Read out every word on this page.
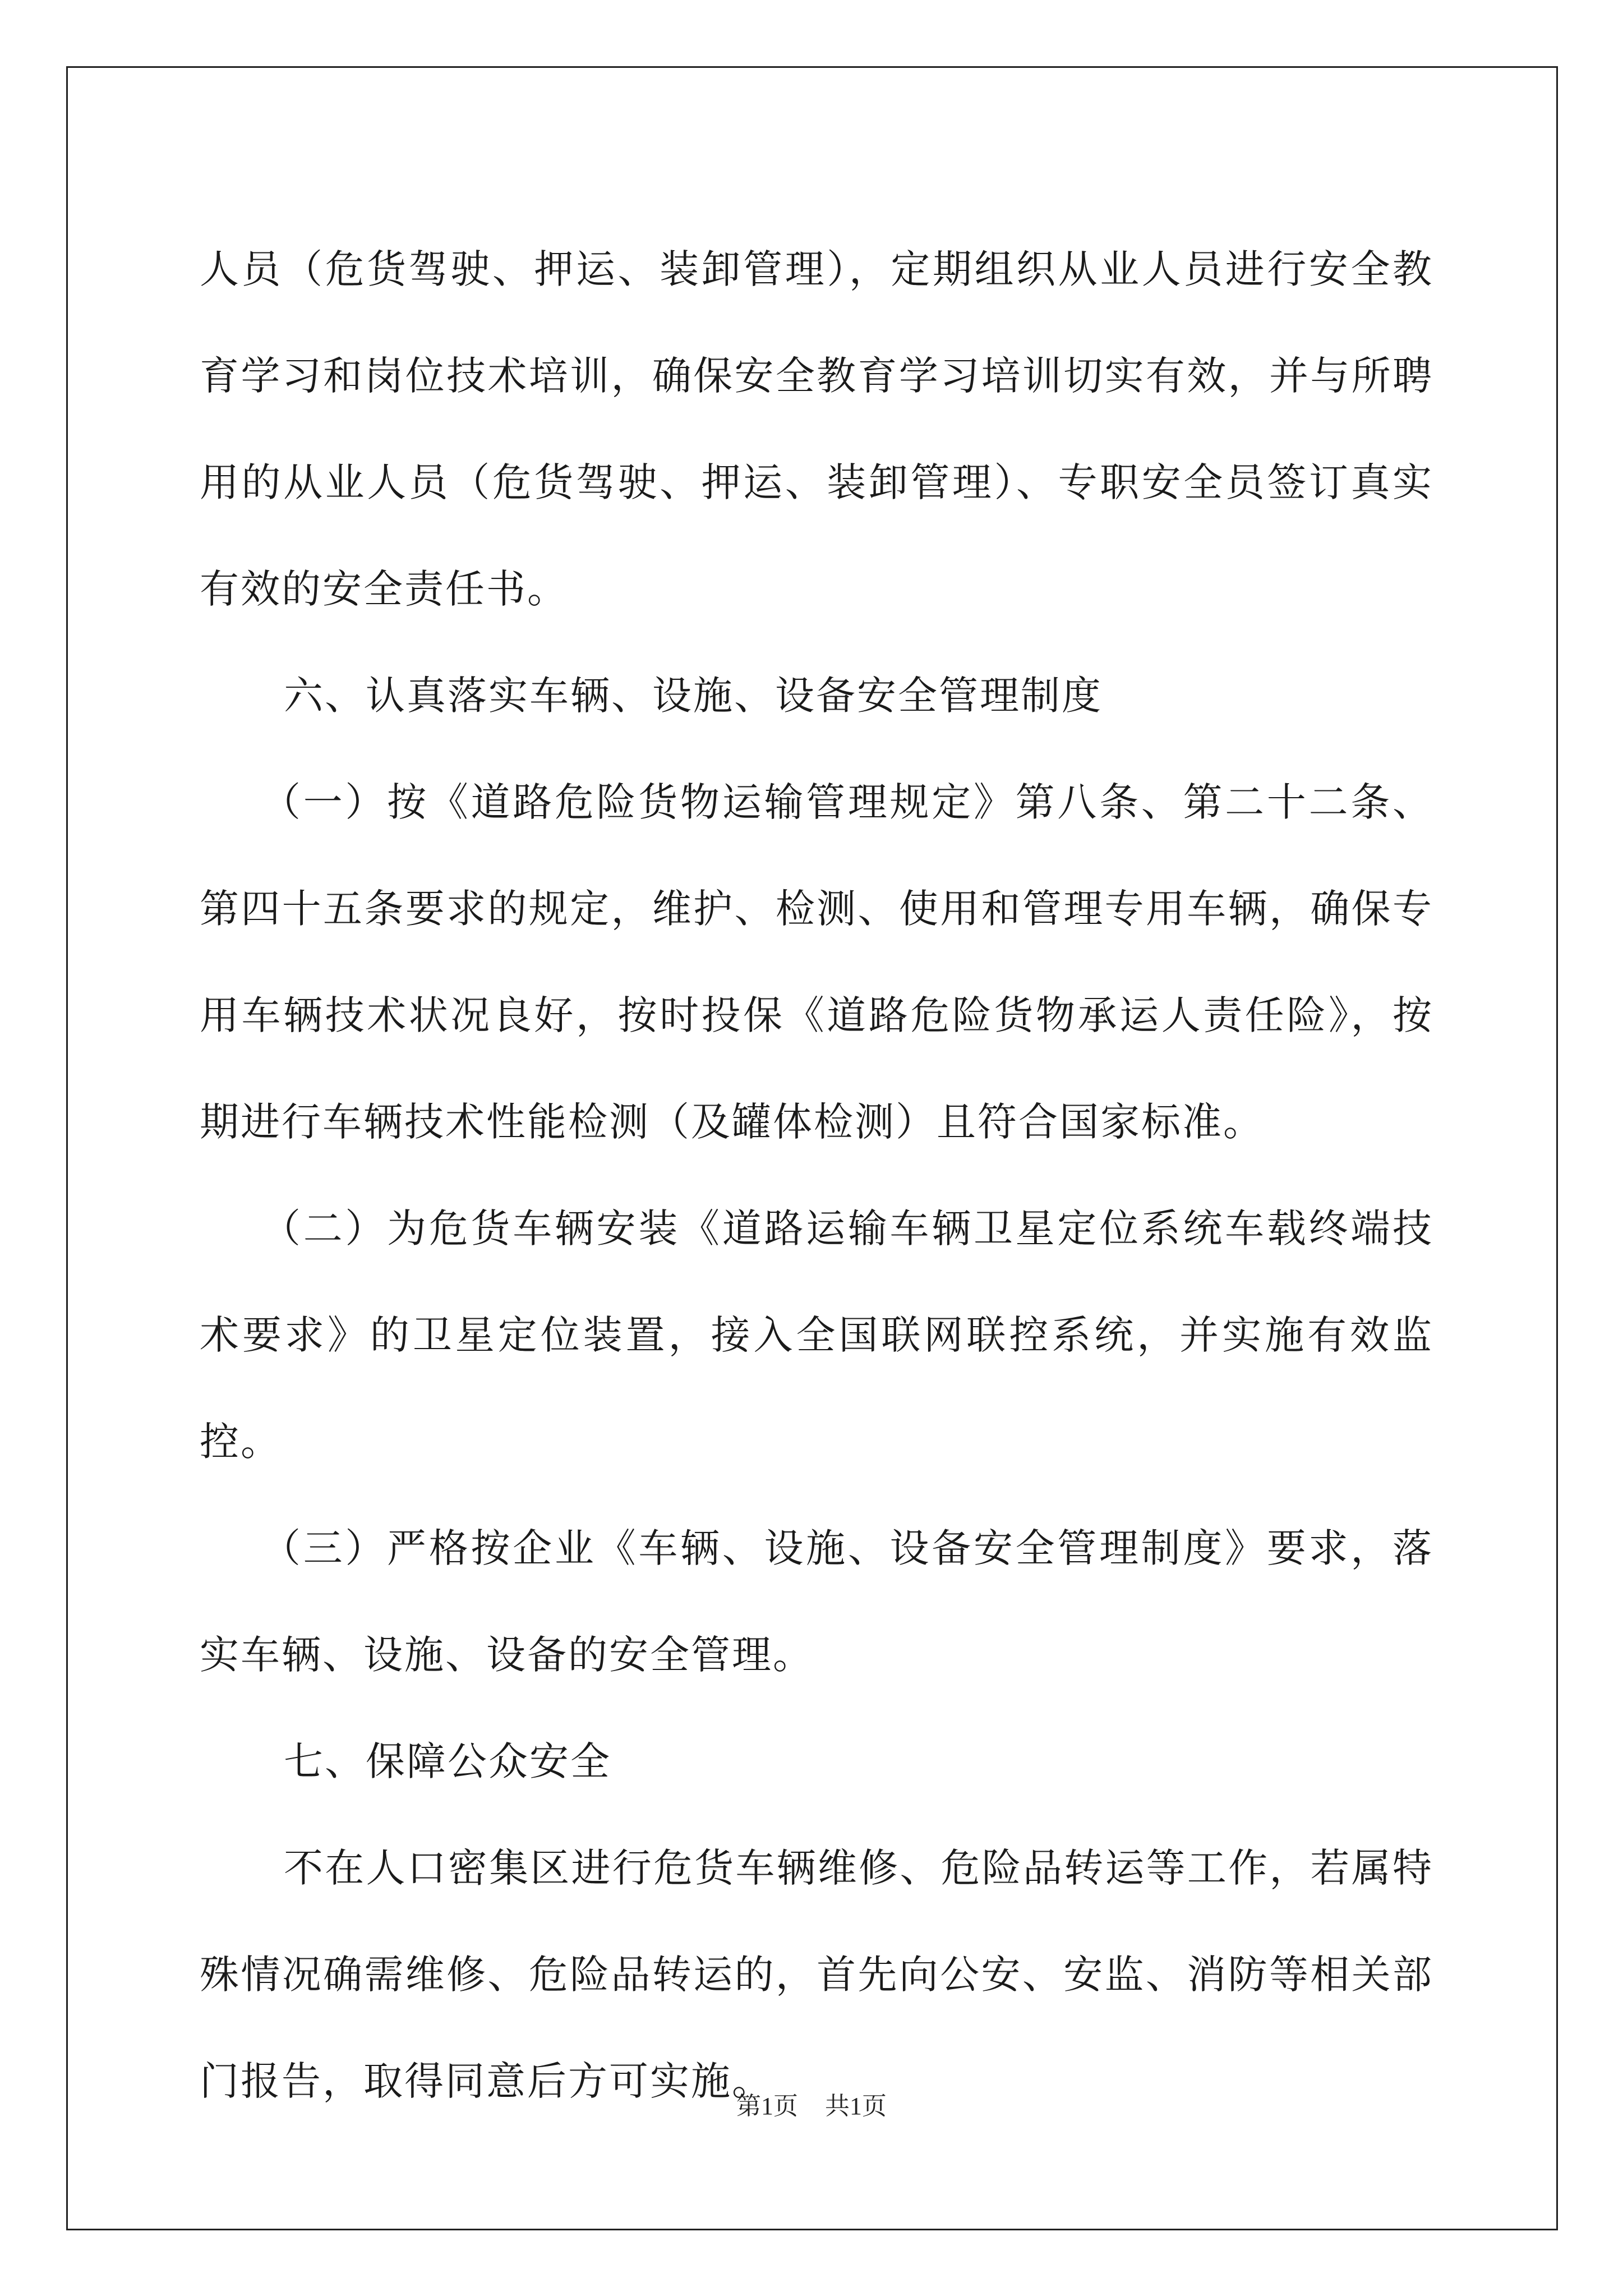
人员（危货驾驶、押运、装卸管理），定期组织从业人员进行安全教育学习和岗位技术培训，确保安全教育学习培训切实有效，并与所聘用的从业人员（危货驾驶、押运、装卸管理）、专职安全员签订真实有效的安全责任书。

六、认真落实车辆、设施、设备安全管理制度

（一）按《道路危险货物运输管理规定》第八条、第二十二条、第四十五条要求的规定，维护、检测、使用和管理专用车辆，确保专用车辆技术状况良好，按时投保《道路危险货物承运人责任险》，按期进行车辆技术性能检测（及罐体检测）且符合国家标准。

（二）为危货车辆安装《道路运输车辆卫星定位系统车载终端技术要求》的卫星定位装置，接入全国联网联控系统，并实施有效监控。

（三）严格按企业《车辆、设施、设备安全管理制度》要求，落实车辆、设施、设备的安全管理。

七、保障公众安全

不在人口密集区进行危货车辆维修、危险品转运等工作，若属特殊情况确需维修、危险品转运的，首先向公安、安监、消防等相关部门报告，取得同意后方可实施。

第1页 共1页
